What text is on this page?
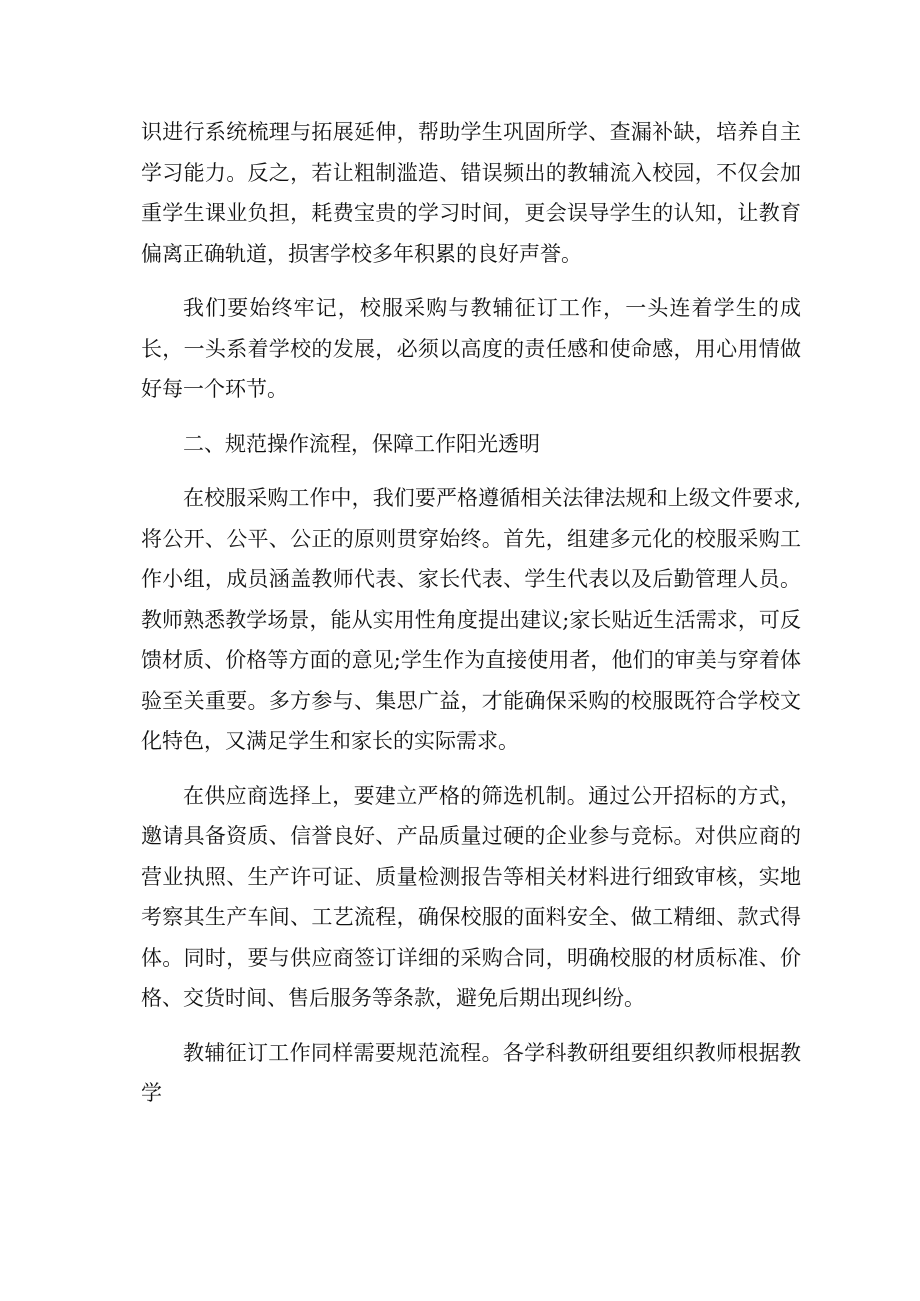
识进行系统梳理与拓展延伸，帮助学生巩固所学、查漏补缺，培养自主学习能力。反之，若让粗制滥造、错误频出的教辅流入校园，不仅会加重学生课业负担，耗费宝贵的学习时间，更会误导学生的认知，让教育偏离正确轨道，损害学校多年积累的良好声誉。

我们要始终牢记，校服采购与教辅征订工作，一头连着学生的成长，一头系着学校的发展，必须以高度的责任感和使命感，用心用情做好每一个环节。

二、规范操作流程，保障工作阳光透明

在校服采购工作中，我们要严格遵循相关法律法规和上级文件要求,将公开、公平、公正的原则贯穿始终。首先，组建多元化的校服采购工作小组，成员涵盖教师代表、家长代表、学生代表以及后勤管理人员。教师熟悉教学场景，能从实用性角度提出建议;家长贴近生活需求，可反馈材质、价格等方面的意见;学生作为直接使用者，他们的审美与穿着体验至关重要。多方参与、集思广益，才能确保采购的校服既符合学校文化特色，又满足学生和家长的实际需求。

在供应商选择上，要建立严格的筛选机制。通过公开招标的方式，邀请具备资质、信誉良好、产品质量过硬的企业参与竞标。对供应商的营业执照、生产许可证、质量检测报告等相关材料进行细致审核，实地考察其生产车间、工艺流程，确保校服的面料安全、做工精细、款式得体。同时，要与供应商签订详细的采购合同，明确校服的材质标准、价格、交货时间、售后服务等条款，避免后期出现纠纷。

教辅征订工作同样需要规范流程。各学科教研组要组织教师根据教学
